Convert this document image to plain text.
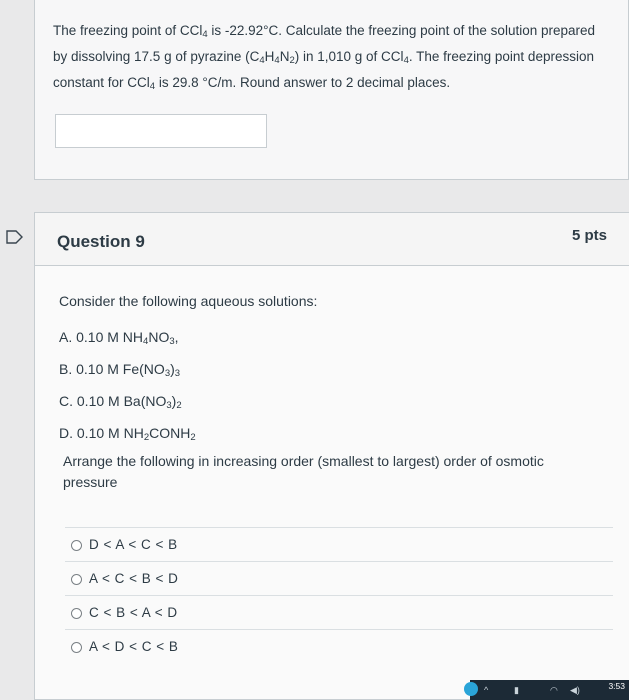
The freezing point of CCl$_4$ is -22.92°C. Calculate the freezing point of the solution prepared by dissolving 17.5 g of pyrazine $(C_4H_4N_2)$ in 1,010 g of CCl$_4$. The freezing point depression constant for CCl$_4$ is 29.8 °C/m. Round answer to 2 decimal places.
Question 9	5 pts
Consider the following aqueous solutions:
A. 0.10 M $NH_4NO_3$,
B. 0.10 M $Fe(NO_3)_3$
C. 0.10 M $Ba(NO_3)_2$
D. 0.10 M $NH_2CONH_2$
Arrange the following in increasing order (smallest to largest) order of osmotic pressure
D < A < C < B
A < C < B < D
C < B < A < D
A < D < C < B
^	▮	◠ ◀)	3:53
